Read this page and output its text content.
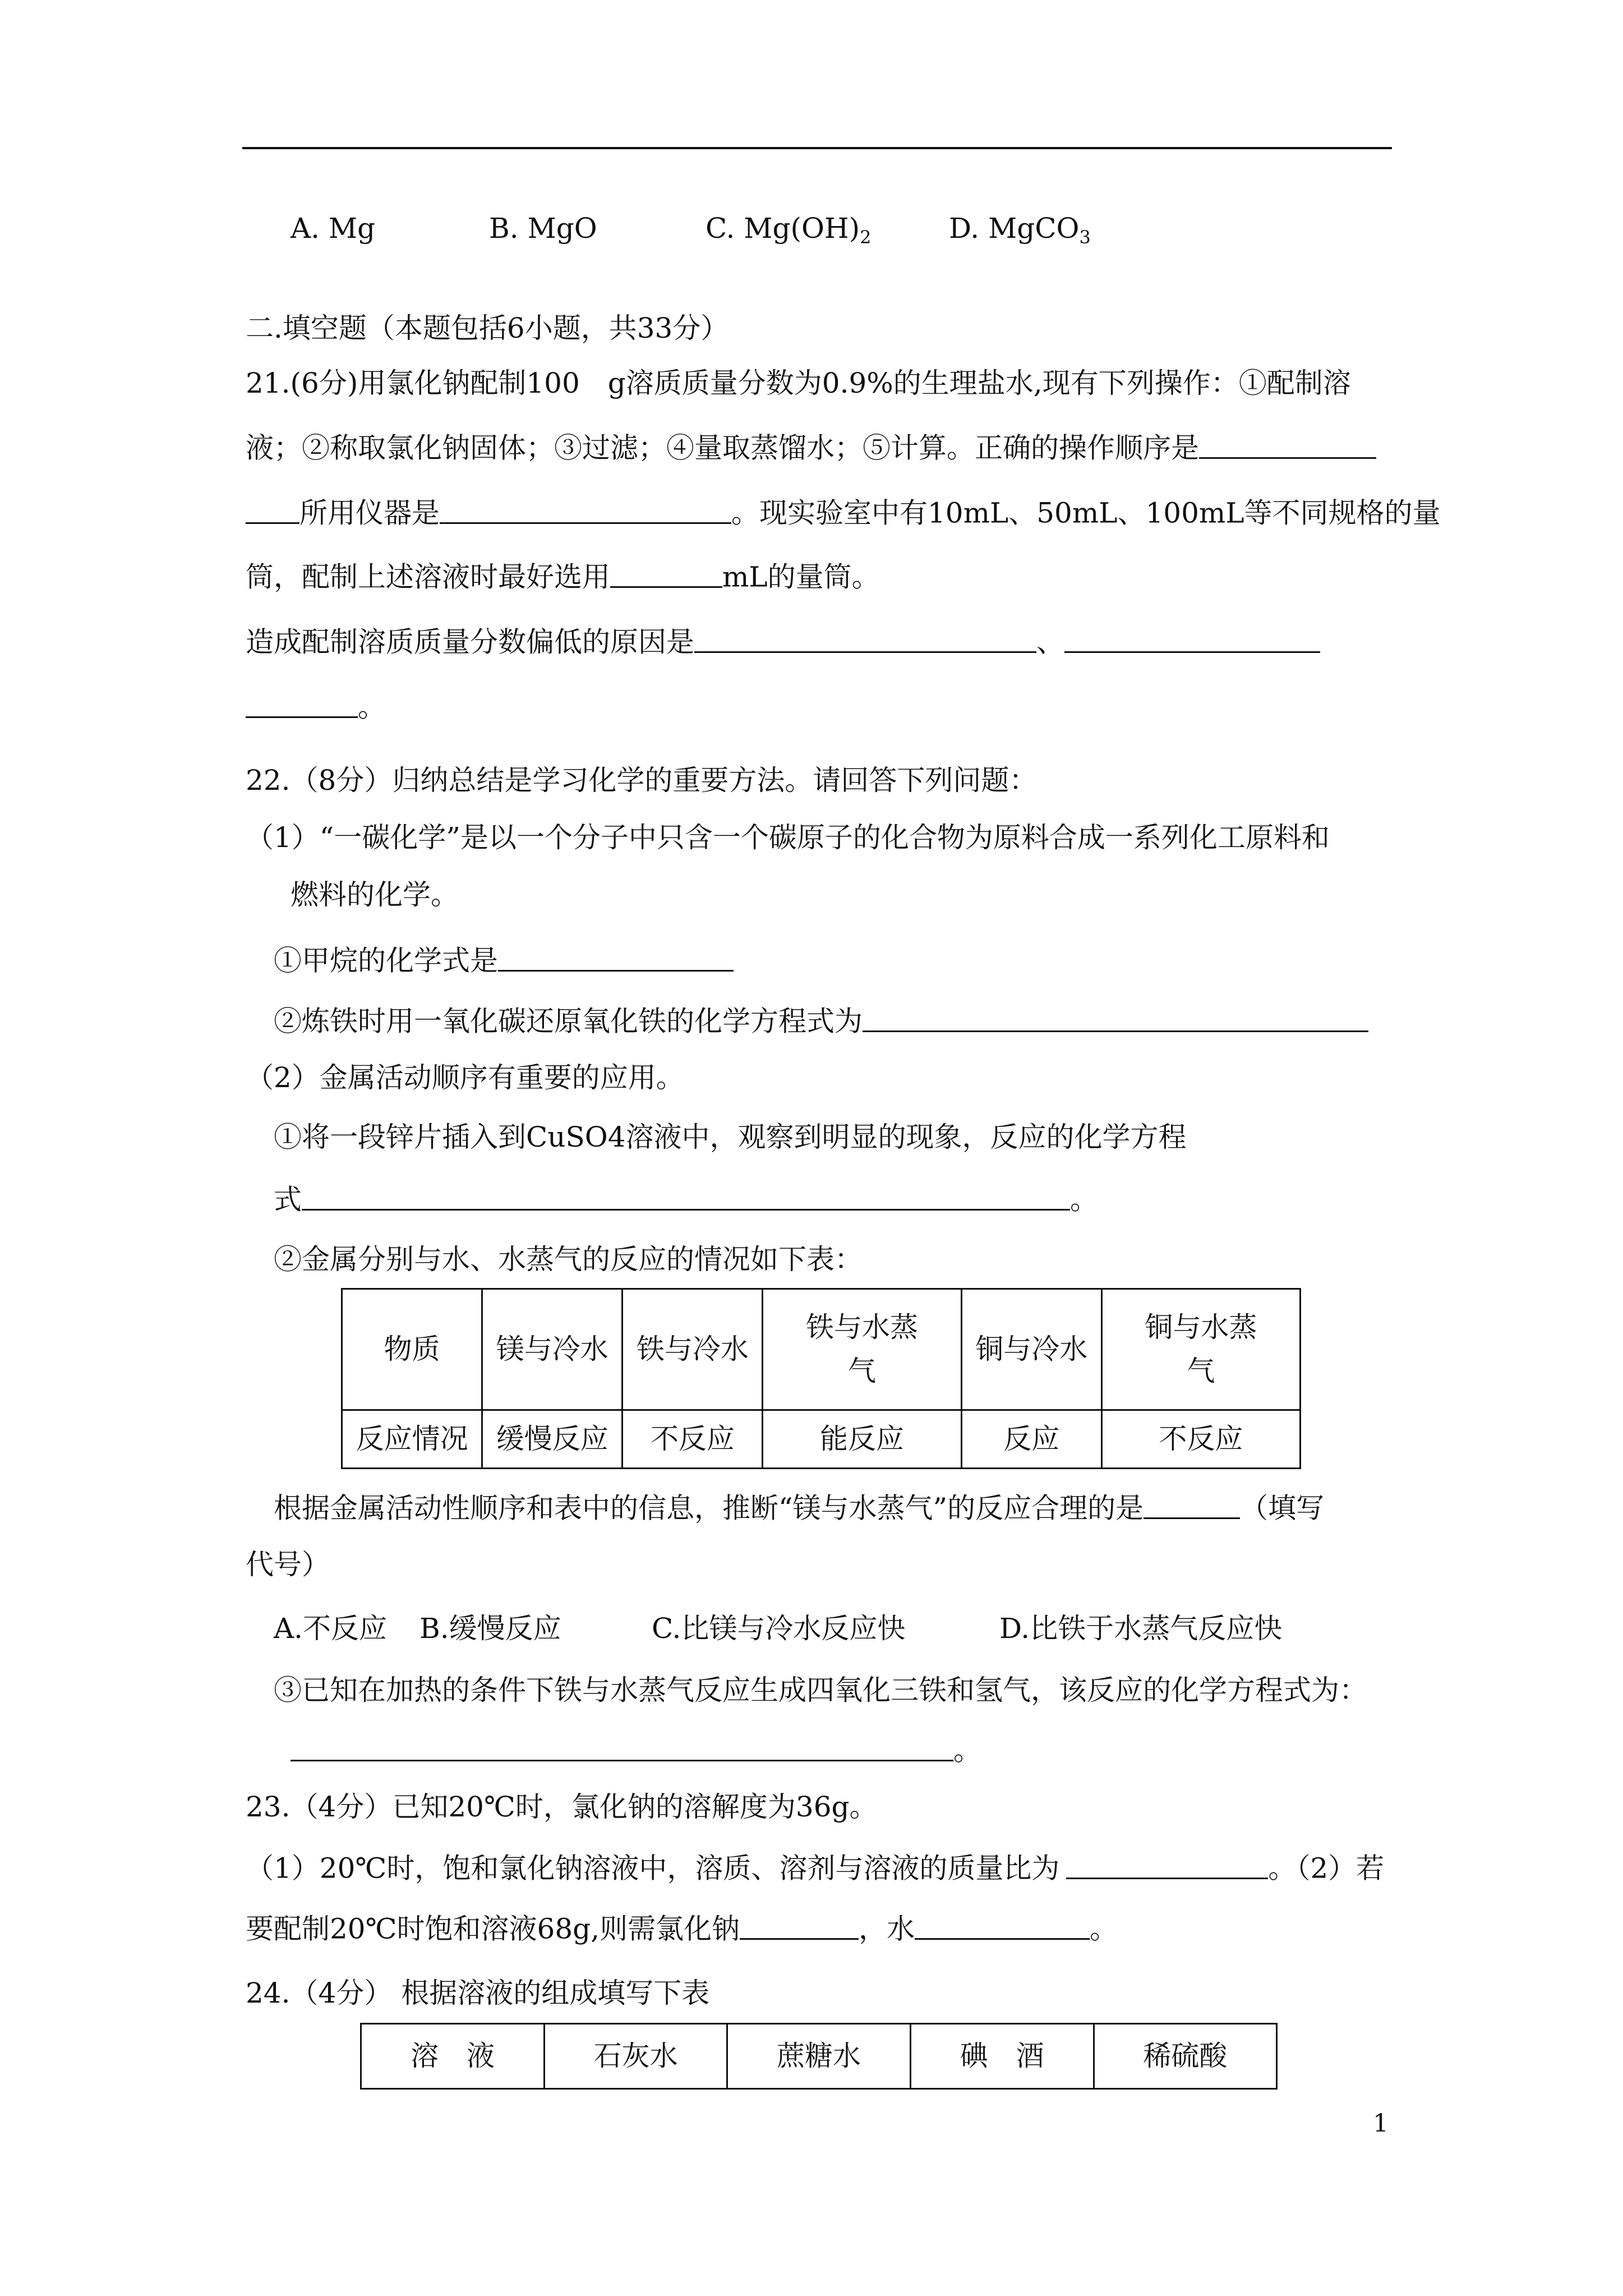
A. Mg	B. MgO	C. $Mg(OH)_2$	D. MgCO$_3$
二.填空题（本题包括6小题，共33分）
21.(6分)用氯化钠配制100　g溶质质量分数为0.9%的生理盐水,现有下列操作：①配制溶
液；②称取氯化钠固体；③过滤；④量取蒸馏水；⑤计算。正确的操作顺序是
所用仪器是	。现实验室中有10mL、50mL、100mL等不同规格的量
筒，配制上述溶液时最好选用	mL的量筒。
造成配制溶质质量分数偏低的原因是	、
。
22.（8分）归纳总结是学习化学的重要方法。请回答下列问题：
（1）“一碳化学”是以一个分子中只含一个碳原子的化合物为原料合成一系列化工原料和
燃料的化学。
①甲烷的化学式是
②炼铁时用一氧化碳还原氧化铁的化学方程式为
（2）金属活动顺序有重要的应用。
①将一段锌片插入到CuSO4溶液中，观察到明显的现象，反应的化学方程
式	。
②金属分别与水、水蒸气的反应的情况如下表：
物质	镁与冷水	铁与冷水	铁与水蒸气	铜与冷水	铜与水蒸气
反应情况	缓慢反应	不反应	能反应	反应	不反应
根据金属活动性顺序和表中的信息，推断“镁与水蒸气”的反应合理的是	（填写
代号）
A.不反应 B.缓慢反应	C.比镁与冷水反应快	D.比铁于水蒸气反应快
③已知在加热的条件下铁与水蒸气反应生成四氧化三铁和氢气，该反应的化学方程式为：
。
23.（4分）已知20℃时，氯化钠的溶解度为36g。
（1）20℃时，饱和氯化钠溶液中，溶质、溶剂与溶液的质量比为	。（2）若
要配制20℃时饱和溶液68g,则需氯化钠	，水	。
24.（4分） 根据溶液的组成填写下表
溶　液	石灰水	蔗糖水	碘　酒	稀硫酸
1
